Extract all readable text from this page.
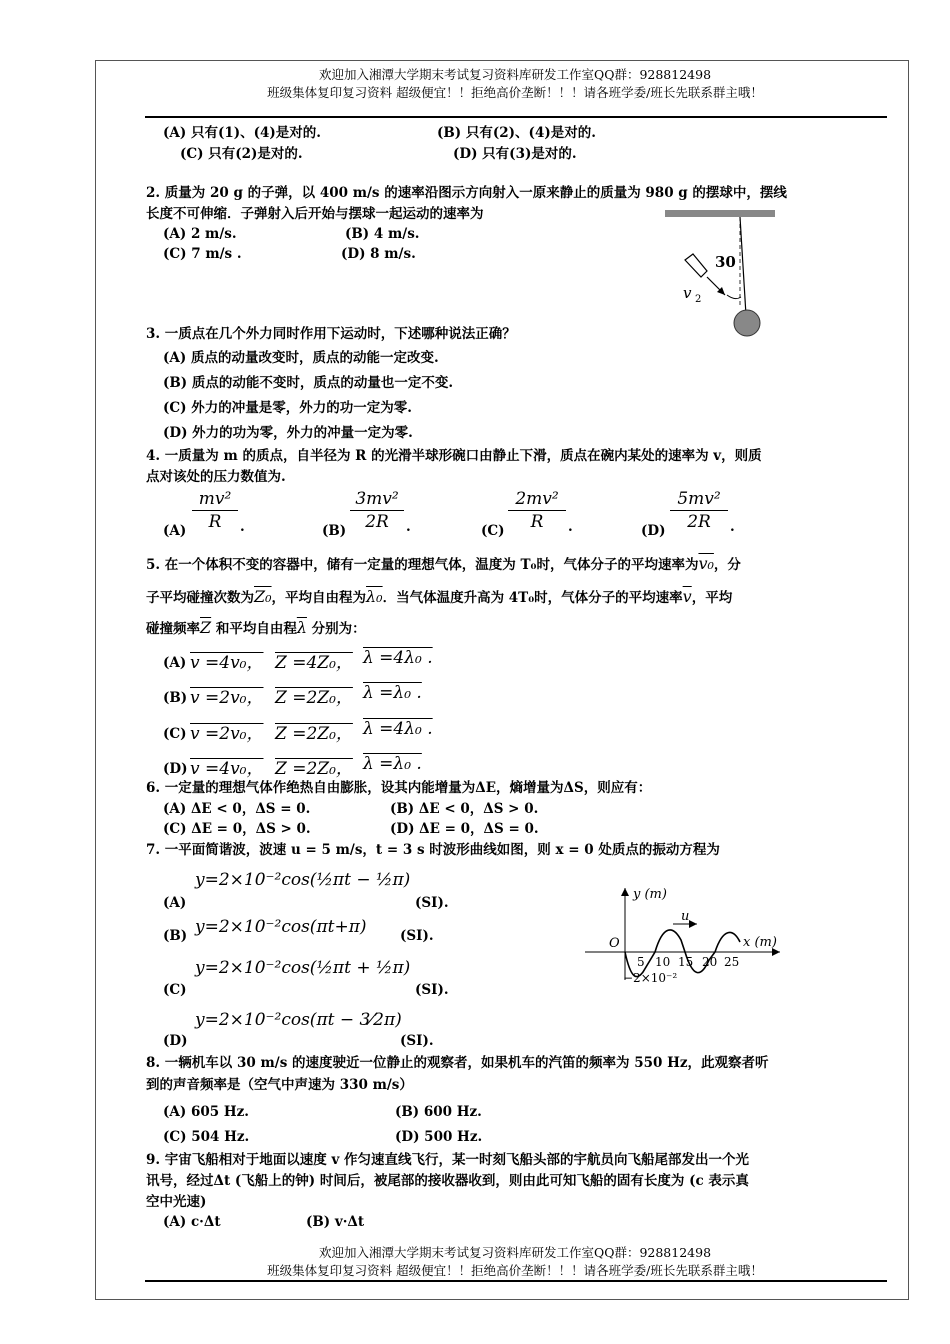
欢迎加入湘潭大学期末考试复习资料库研发工作室QQ群：928812498
班级集体复印复习资料 超级便宜！！拒绝高价垄断！！！请各班学委/班长先联系群主哦！
(A) 只有(1)、(4)是对的.	(B) 只有(2)、(4)是对的.
(C) 只有(2)是对的.	(D) 只有(3)是对的.
2. 质量为 20 g 的子弹，以 400 m/s 的速率沿图示方向射入一原来静止的质量为 980 g 的摆球中，摆线
长度不可伸缩．子弹射入后开始与摆球一起运动的速率为
(A) 2 m/s.	(B) 4 m/s.
(C) 7 m/s .	(D) 8 m/s.	30
v 2
3. 一质点在几个外力同时作用下运动时，下述哪种说法正确？
(A) 质点的动量改变时，质点的动能一定改变.
(B) 质点的动能不变时，质点的动量也一定不变.
(C) 外力的冲量是零，外力的功一定为零.
(D) 外力的功为零，外力的冲量一定为零.
4. 一质量为 m 的质点，自半径为 R 的光滑半球形碗口由静止下滑，质点在碗内某处的速率为 v，则质
点对该处的压力数值为.
$(A) \frac{\text{mv²}}{R}$ .	$(B) \frac{\text{3mv²}}{2R}$ .	$(C) \frac{\text{2mv²}}{R}$ .	$(D) \frac{\text{5mv²}}{2R}$ .
5. 在一个体积不变的容器中，储有一定量的理想气体，温度为 T₀时，气体分子的平均速率为v₀，分
子平均碰撞次数为Z₀，平均自由程为λ₀．当气体温度升高为 4T₀时，气体分子的平均速率$\overline{v}$，平均
碰撞频率$\overline{Z}$ 和平均自由程$\overline{\lambda}$ 分别为：
(A) v =4v₀， Z =4Z₀， λ =4λ₀ .
(B) v =2v₀， Z =2Z₀， λ =λ₀ .
(C) v =2v₀， Z =2Z₀， λ =4λ₀ .
(D) v =4v₀， Z =2Z₀， λ =λ₀ .
6. 一定量的理想气体作绝热自由膨胀，设其内能增量为ΔE，熵增量为ΔS，则应有：
(A) ΔE < 0，ΔS = 0.	(B) ΔE < 0，ΔS > 0.
(C) ΔE = 0，ΔS > 0.	(D) ΔE = 0，ΔS = 0.
7. 一平面简谐波，波速 u = 5 m/s，t = 3 s 时波形曲线如图，则 x = 0 处质点的振动方程为
(A)
y=2×10⁻²cos(½πt − ½π)
(SI).
(B) y=2×10⁻²cos(πt+π) (SI).
(C)
y=2×10⁻²cos(½πt + ½π)
(SI).
(D)
y=2×10⁻²cos(πt − 3⁄2π)
(SI).
y (m)
x (m)
O
u
5 10 15 20 25
−2×10⁻²
8. 一辆机车以 30 m/s 的速度驶近一位静止的观察者，如果机车的汽笛的频率为 550 Hz，此观察者听
到的声音频率是（空气中声速为 330 m/s）
(A) 605 Hz.	(B) 600 Hz.
(C) 504 Hz.	(D) 500 Hz.
9. 宇宙飞船相对于地面以速度 v 作匀速直线飞行，某一时刻飞船头部的宇航员向飞船尾部发出一个光
讯号，经过Δt (飞船上的钟) 时间后，被尾部的接收器收到，则由此可知飞船的固有长度为 (c 表示真
空中光速)
(A) c·Δt	(B) v·Δt
欢迎加入湘潭大学期末考试复习资料库研发工作室QQ群：928812498
班级集体复印复习资料 超级便宜！！拒绝高价垄断！！！请各班学委/班长先联系群主哦！
